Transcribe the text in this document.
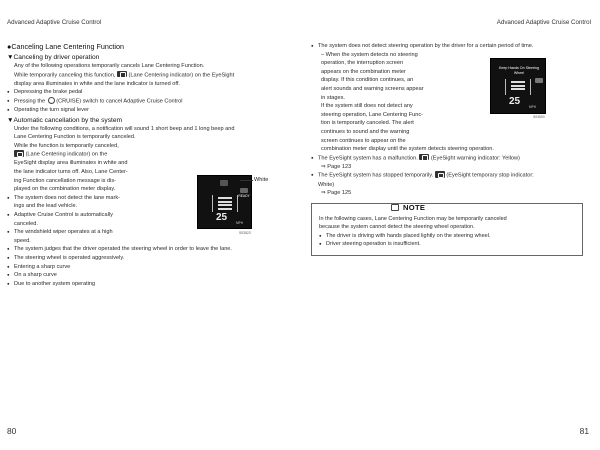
Advanced Adaptive Cruise Control	Advanced Adaptive Cruise Control
●Canceling Lane Centering Function
▼Canceling by driver operation
Any of the following operations temporarily cancels Lane Centering Function.
While temporarily canceling this function, (Lane Centering indicator) on the EyeSight
display area illuminates in white and the lane indicator is turned off.
● Depressing the brake pedal
● Pressing the (CRUISE) switch to cancel Adaptive Cruise Control
● Operating the turn signal lever
▼Automatic cancellation by the system
Under the following conditions, a notification will sound 1 short beep and 1 long beep and
Lane Centering Function is temporarily canceled.
While the function is temporarily canceled,
(Lane Centering indicator) on the
EyeSight display area illuminates in white and
the lane indicator turns off. Also, Lane Center-
ing Function cancellation message is dis-
played on the combination meter display.
● The system does not detect the lane mark-
ings and the lead vehicle.
● Adaptive Cruise Control is automatically
canceled.
● The windshield wiper operates at a high
speed.
● The system judges that the driver operated the steering wheel in order to leave the lane.
● The steering wheel is operated aggressively.
● Entering a sharp curve
● On a sharp curve
● Due to another system operating
READY
25	MPH
White
S03523
● The system does not detect steering operation by the driver for a certain period of time.
– When the system detects no steering
operation, the interruption screen
appears on the combination meter
display. If this condition continues, an
alert sounds and warning screens appear
in stages.
If the system still does not detect any
steering operation, Lane Centering Func-
tion is temporarily canceled. The alert
continues to sound and the warning
screen continues to appear on the
combination meter display until the system detects steering operation.
● The EyeSight system has a malfunction. (EyeSight warning indicator: Yellow)
⇒ Page 123
● The EyeSight system has stopped temporarily. (EyeSight temporary stop indicator:
White)
⇒ Page 125
Keep Hands On Steering Wheel
25	MPH
S03500
NOTE
In the following cases, Lane Centering Function may be temporarily canceled
because the system cannot detect the steering wheel operation.
● The driver is driving with hands placed lightly on the steering wheel.
● Driver steering operation is insufficient.
80	81
